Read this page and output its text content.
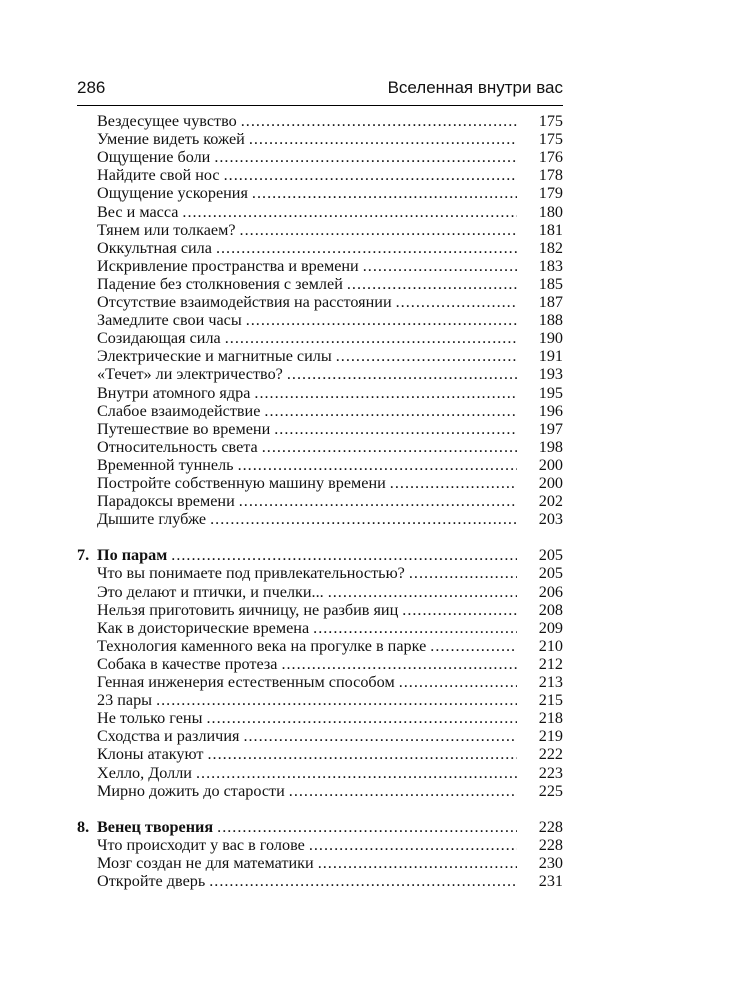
286	Вселенная внутри вас
Вездесущее чувство .....	175
Умение видеть кожей .....	175
Ощущение боли .....	176
Найдите свой нос .....	178
Ощущение ускорения .....	179
Вес и масса .....	180
Тянем или толкаем? .....	181
Оккультная сила .....	182
Искривление пространства и времени .....	183
Падение без столкновения с землей .....	185
Отсутствие взаимодействия на расстоянии .....	187
Замедлите свои часы .....	188
Созидающая сила .....	190
Электрические и магнитные силы .....	191
«Течет» ли электричество? .....	193
Внутри атомного ядра .....	195
Слабое взаимодействие .....	196
Путешествие во времени .....	197
Относительность света .....	198
Временной туннель .....	200
Постройте собственную машину времени .....	200
Парадоксы времени .....	202
Дышите глубже .....	203
7. По парам .....	205
Что вы понимаете под привлекательностью? .....	205
Это делают и птички, и пчелки... .....	206
Нельзя приготовить яичницу, не разбив яиц .....	208
Как в доисторические времена .....	209
Технология каменного века на прогулке в парке .....	210
Собака в качестве протеза .....	212
Генная инженерия естественным способом .....	213
23 пары .....	215
Не только гены .....	218
Сходства и различия .....	219
Клоны атакуют .....	222
Хелло, Долли .....	223
Мирно дожить до старости .....	225
8. Венец творения .....	228
Что происходит у вас в голове .....	228
Мозг создан не для математики .....	230
Откройте дверь .....	231
